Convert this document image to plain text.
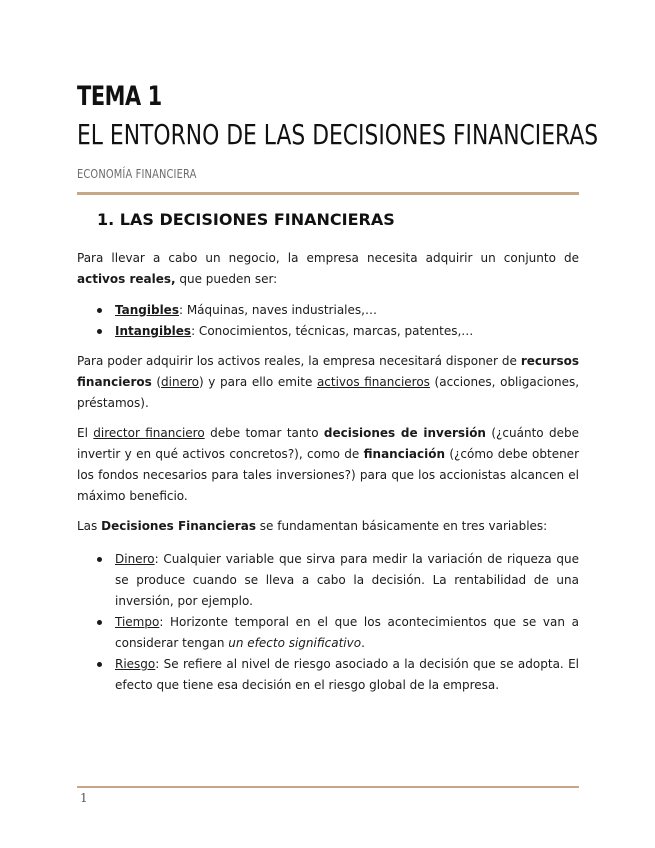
TEMA 1
EL ENTORNO DE LAS DECISIONES FINANCIERAS
ECONOMÍA FINANCIERA
1. LAS DECISIONES FINANCIERAS

Para llevar a cabo un negocio, la empresa necesita adquirir un conjunto de activos reales, que pueden ser:

Tangibles: Máquinas, naves industriales,…
Intangibles: Conocimientos, técnicas, marcas, patentes,…

Para poder adquirir los activos reales, la empresa necesitará disponer de recursos financieros (dinero) y para ello emite activos financieros (acciones, obligaciones, préstamos).

El director financiero debe tomar tanto decisiones de inversión (¿cuánto debe invertir y en qué activos concretos?), como de financiación (¿cómo debe obtener los fondos necesarios para tales inversiones?) para que los accionistas alcancen el máximo beneficio.

Las Decisiones Financieras se fundamentan básicamente en tres variables:

Dinero: Cualquier variable que sirva para medir la variación de riqueza que se produce cuando se lleva a cabo la decisión. La rentabilidad de una inversión, por ejemplo.
Tiempo: Horizonte temporal en el que los acontecimientos que se van a considerar tengan un efecto significativo.
Riesgo: Se refiere al nivel de riesgo asociado a la decisión que se adopta. El efecto que tiene esa decisión en el riesgo global de la empresa.
1
